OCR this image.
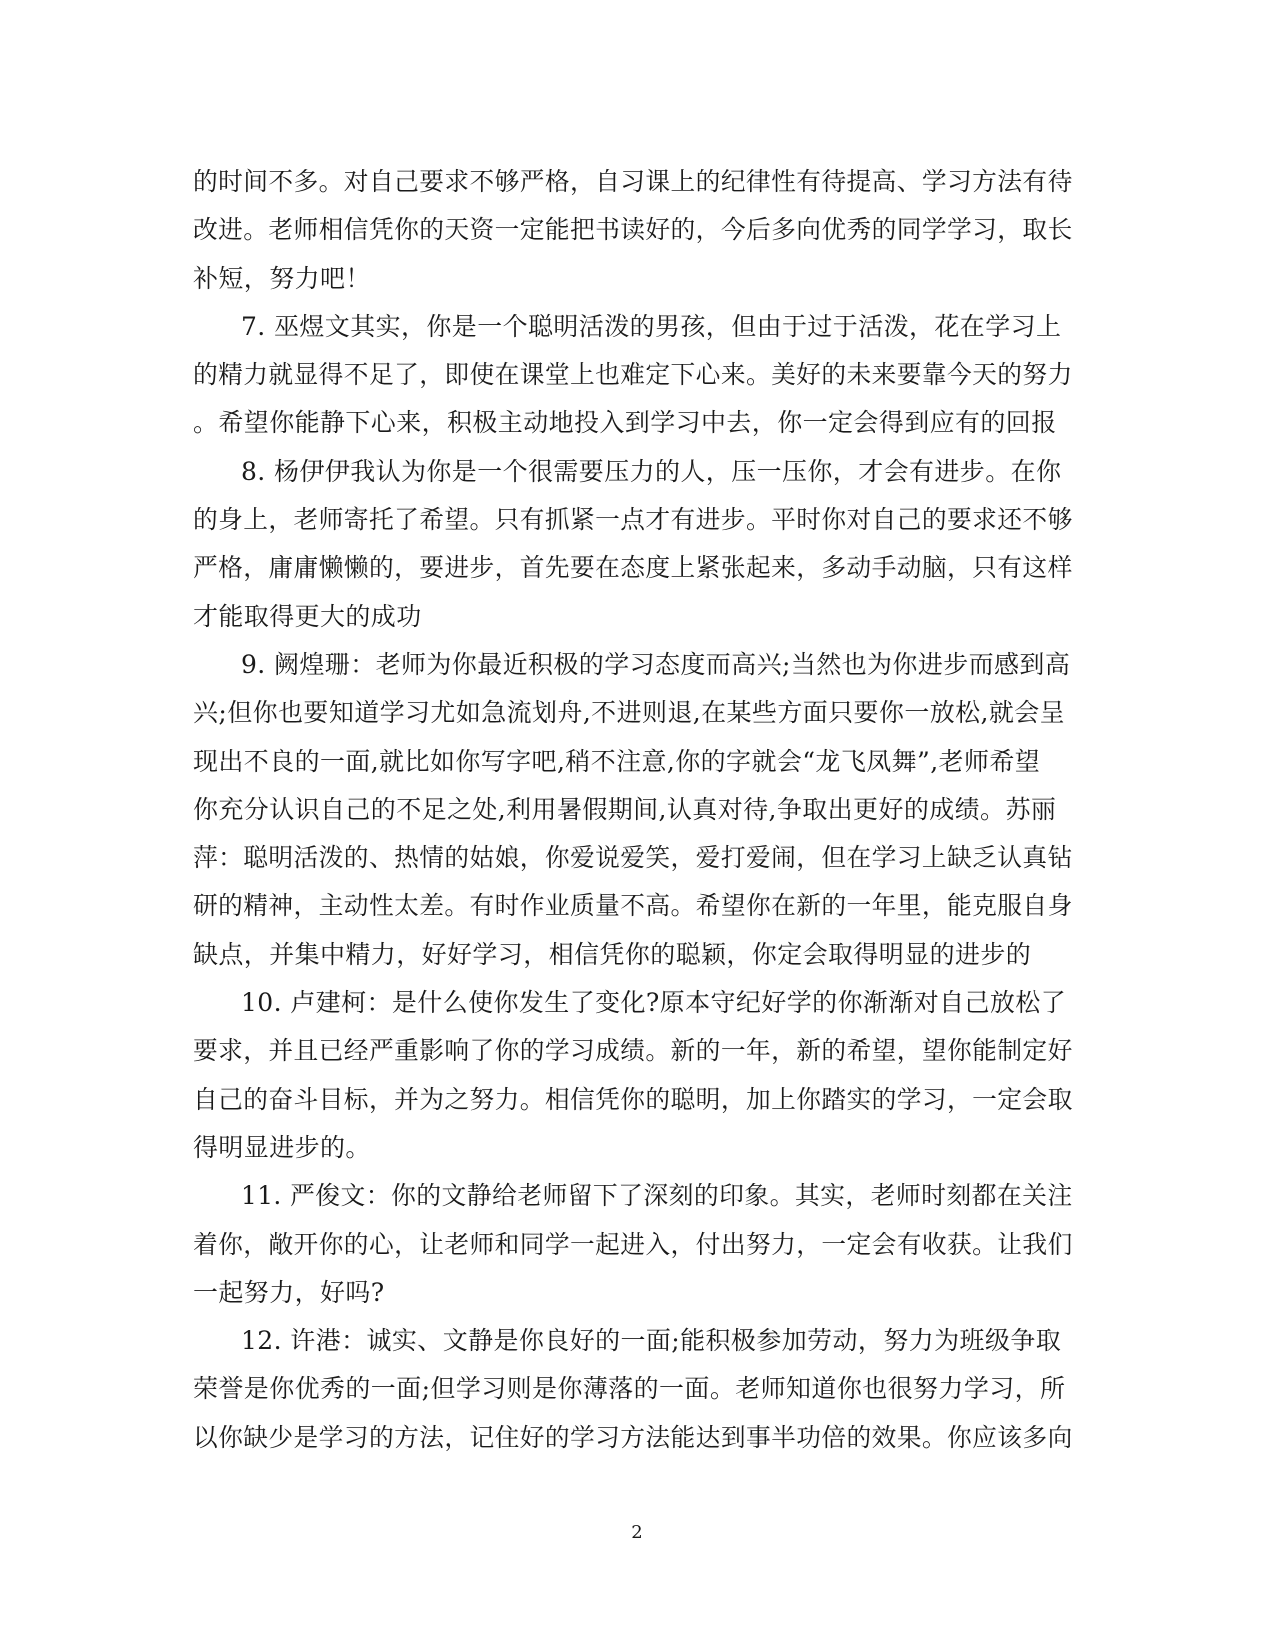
的时间不多。对自己要求不够严格，自习课上的纪律性有待提高、学习方法有待
改进。老师相信凭你的天资一定能把书读好的，今后多向优秀的同学学习，取长
补短，努力吧！
7. 巫煜文其实，你是一个聪明活泼的男孩，但由于过于活泼，花在学习上
的精力就显得不足了，即使在课堂上也难定下心来。美好的未来要靠今天的努力
。希望你能静下心来，积极主动地投入到学习中去，你一定会得到应有的回报
8. 杨伊伊我认为你是一个很需要压力的人，压一压你，才会有进步。在你
的身上，老师寄托了希望。只有抓紧一点才有进步。平时你对自己的要求还不够
严格，庸庸懒懒的，要进步，首先要在态度上紧张起来，多动手动脑，只有这样
才能取得更大的成功
9. 阙煌珊：老师为你最近积极的学习态度而高兴;当然也为你进步而感到高
兴;但你也要知道学习尤如急流划舟,不进则退,在某些方面只要你一放松,就会呈
现出不良的一面,就比如你写字吧,稍不注意,你的字就会“龙飞凤舞”,老师希望
你充分认识自己的不足之处,利用暑假期间,认真对待,争取出更好的成绩。苏丽
萍：聪明活泼的、热情的姑娘，你爱说爱笑，爱打爱闹，但在学习上缺乏认真钻
研的精神，主动性太差。有时作业质量不高。希望你在新的一年里，能克服自身
缺点，并集中精力，好好学习，相信凭你的聪颖，你定会取得明显的进步的
10. 卢建柯：是什么使你发生了变化?原本守纪好学的你渐渐对自己放松了
要求，并且已经严重影响了你的学习成绩。新的一年，新的希望，望你能制定好
自己的奋斗目标，并为之努力。相信凭你的聪明，加上你踏实的学习，一定会取
得明显进步的。
11. 严俊文：你的文静给老师留下了深刻的印象。其实，老师时刻都在关注
着你，敞开你的心，让老师和同学一起进入，付出努力，一定会有收获。让我们
一起努力，好吗?
12. 许港：诚实、文静是你良好的一面;能积极参加劳动，努力为班级争取
荣誉是你优秀的一面;但学习则是你薄落的一面。老师知道你也很努力学习，所
以你缺少是学习的方法，记住好的学习方法能达到事半功倍的效果。你应该多向
2
